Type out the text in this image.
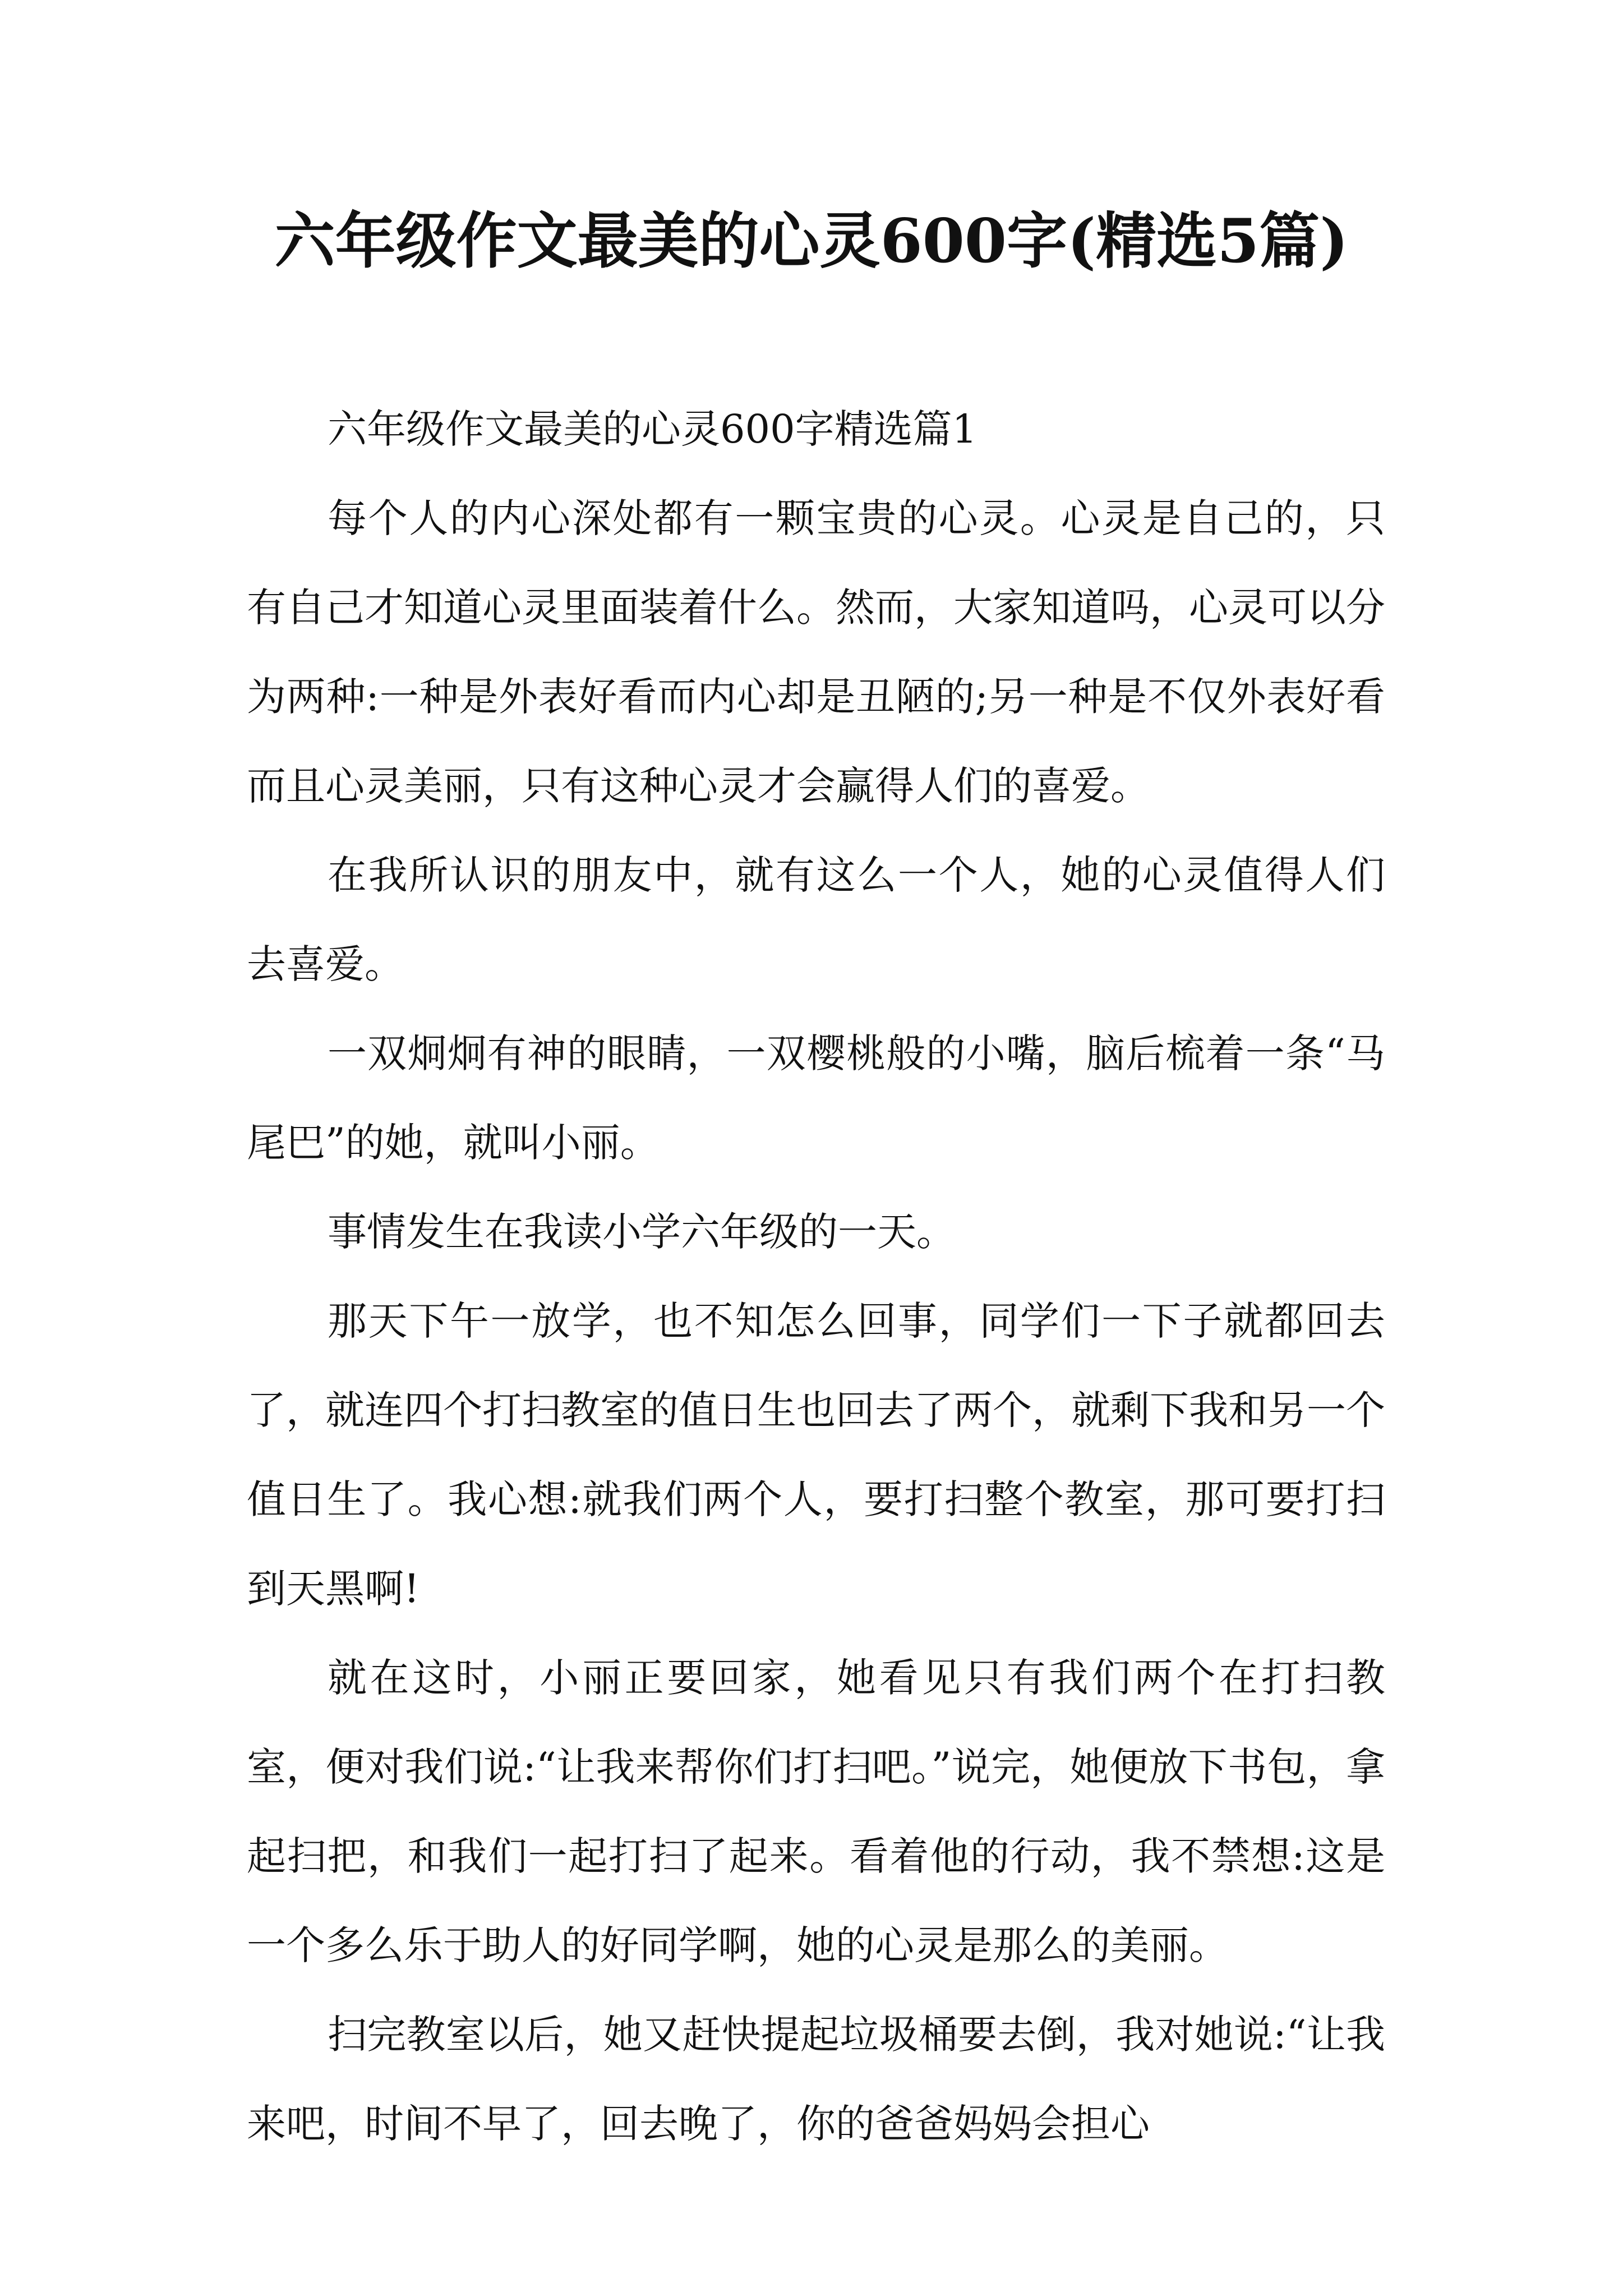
六年级作文最美的心灵600字(精选5篇)

六年级作文最美的心灵600字精选篇1

每个人的内心深处都有一颗宝贵的心灵。心灵是自己的，只有自己才知道心灵里面装着什么。然而，大家知道吗，心灵可以分为两种:一种是外表好看而内心却是丑陋的;另一种是不仅外表好看而且心灵美丽，只有这种心灵才会赢得人们的喜爱。

在我所认识的朋友中，就有这么一个人，她的心灵值得人们去喜爱。

一双炯炯有神的眼睛，一双樱桃般的小嘴，脑后梳着一条“马尾巴”的她，就叫小丽。

事情发生在我读小学六年级的一天。

那天下午一放学，也不知怎么回事，同学们一下子就都回去了，就连四个打扫教室的值日生也回去了两个，就剩下我和另一个值日生了。我心想:就我们两个人，要打扫整个教室，那可要打扫到天黑啊!

就在这时，小丽正要回家，她看见只有我们两个在打扫教室，便对我们说:“让我来帮你们打扫吧。”说完，她便放下书包，拿起扫把，和我们一起打扫了起来。看着他的行动，我不禁想:这是一个多么乐于助人的好同学啊，她的心灵是那么的美丽。

扫完教室以后，她又赶快提起垃圾桶要去倒，我对她说:“让我来吧，时间不早了，回去晚了，你的爸爸妈妈会担心
